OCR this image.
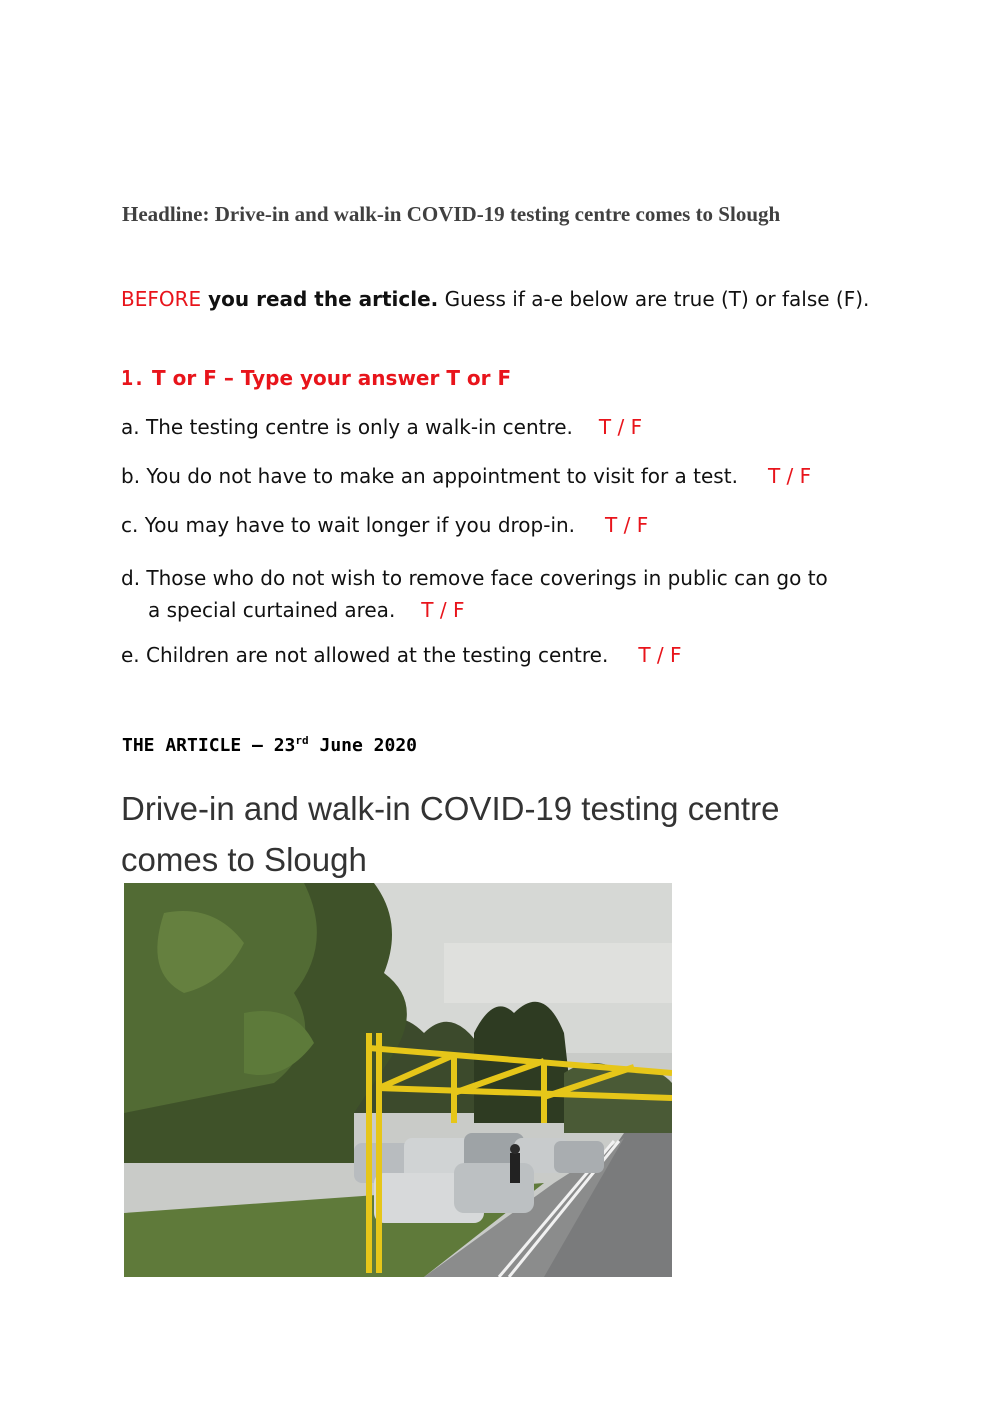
Headline: Drive-in and walk-in COVID-19 testing centre comes to Slough
BEFORE you read the article. Guess if a-e below are true (T) or false (F).
1. T or F – Type your answer T or F
a. The testing centre is only a walk-in centre. T / F
b. You do not have to make an appointment to visit for a test. T / F
c. You may have to wait longer if you drop-in. T / F
d. Those who do not wish to remove face coverings in public can go to
a special curtained area. T / F
e. Children are not allowed at the testing centre. T / F
THE ARTICLE – 23rd June 2020
Drive-in and walk-in COVID-19 testing centre comes to Slough
